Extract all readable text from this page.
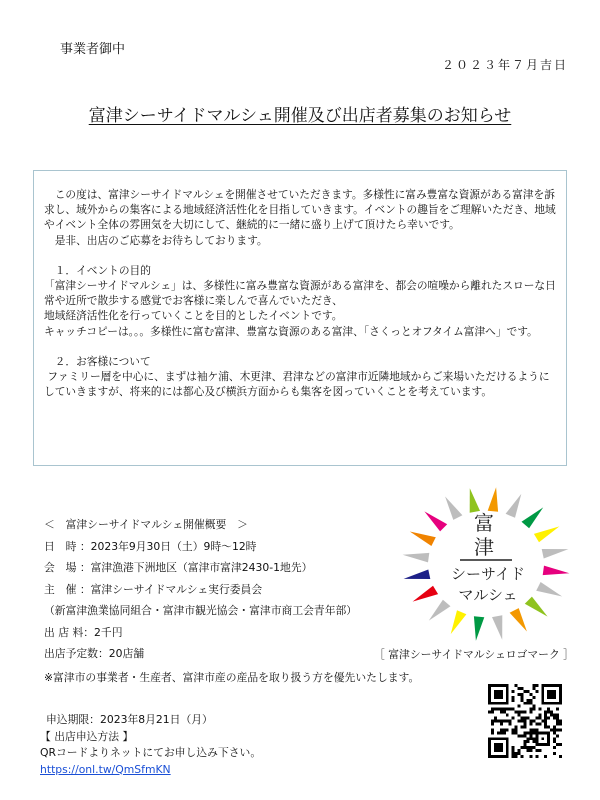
事業者御中
２０２３年７月吉日
富津シーサイドマルシェ開催及び出店者募集のお知らせ

　この度は、富津シーサイドマルシェを開催させていただきます。多様性に富み豊富な資源がある富津を訴求し、域外からの集客による地域経済活性化を目指していきます。イベントの趣旨をご理解いただき、地域やイベント全体の雰囲気を大切にして、継続的に一緒に盛り上げて頂けたら幸いです。

　是非、出店のご応募をお待ちしております。

　１．イベントの目的

「富津シーサイドマルシェ」は、多様性に富み豊富な資源がある富津を、都会の喧噪から離れたスローな日常や近所で散歩する感覚でお客様に楽しんで喜んでいただき、
地域経済活性化を行っていくことを目的としたイベントです。
キャッチコピーは。。。多様性に富む富津、豊富な資源のある富津、「さくっとオフタイム富津へ」です。

　２．お客様について

ファミリー層を中心に、まずは袖ケ浦、木更津、君津などの富津市近隣地域からご来場いただけるようにしていきますが、将来的には都心及び横浜方面からも集客を図っていくことを考えています。

＜　富津シーサイドマルシェ開催概要　＞
日　時 ：2023年9月30日（土）9時～12時
会　場 ：富津漁港下洲地区（富津市富津2430-1地先）
主　催 ：富津シーサイドマルシェ実行委員会
（新富津漁業協同組合・富津市観光協会・富津市商工会青年部）
出 店 料：2千円
出店予定数：20店舗
富
津
シーサイド
マルシェ
［ 富津シーサイドマルシェロゴマーク ］
※富津市の事業者・生産者、富津市産の産品を取り扱う方を優先いたします。
申込期限：2023年8月21日（月）
【 出店申込方法 】
QRコードよりネットにてお申し込み下さい。
https://onl.tw/QmSfmKN
